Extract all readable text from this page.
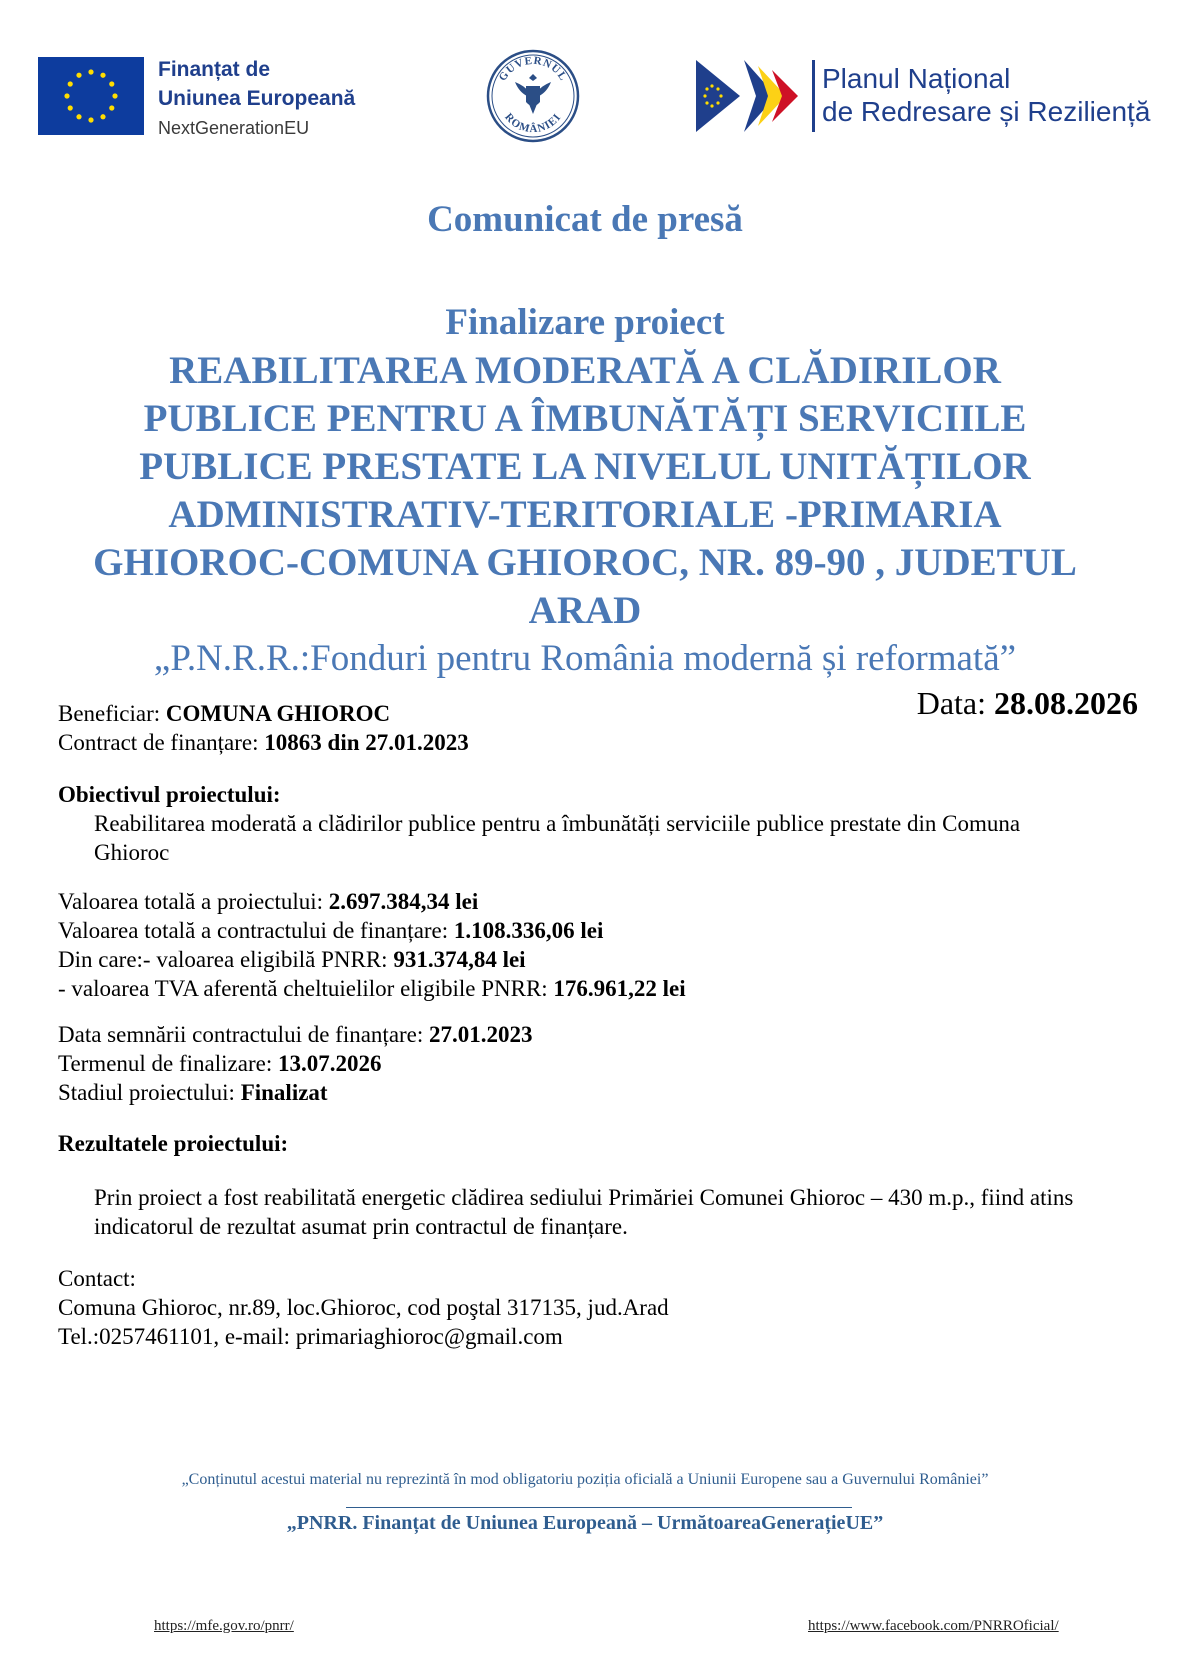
Finanțat de
Uniunea Europeană
NextGenerationEU
GUVERNUL
ROMÂNIEI
Planul Național
de Redresare și Reziliență
Comunicat de presă
Finalizare proiect
REABILITAREA MODERATĂ A CLĂDIRILOR
PUBLICE PENTRU A ÎMBUNĂTĂȚI SERVICIILE
PUBLICE PRESTATE LA NIVELUL UNITĂȚILOR
ADMINISTRATIV-TERITORIALE -PRIMARIA
GHIOROC-COMUNA GHIOROC, NR. 89-90 , JUDETUL
ARAD
„P.N.R.R.:Fonduri pentru România modernă și reformată”
Data: 28.08.2026
Beneficiar: COMUNA GHIOROC
Contract de finanțare: 10863 din 27.01.2023
Obiectivul proiectului:
Reabilitarea moderată a clădirilor publice pentru a îmbunătăți serviciile publice prestate din Comuna Ghioroc
Valoarea totală a proiectului: 2.697.384,34 lei
Valoarea totală a contractului de finanțare: 1.108.336,06 lei
Din care:- valoarea eligibilă PNRR: 931.374,84 lei
- valoarea TVA aferentă cheltuielilor eligibile PNRR: 176.961,22 lei
Data semnării contractului de finanțare: 27.01.2023
Termenul de finalizare: 13.07.2026
Stadiul proiectului: Finalizat
Rezultatele proiectului:
Prin proiect a fost reabilitată energetic clădirea sediului Primăriei Comunei Ghioroc – 430 m.p., fiind atins indicatorul de rezultat asumat prin contractul de finanțare.
Contact:
Comuna Ghioroc, nr.89, loc.Ghioroc, cod poştal 317135, jud.Arad
Tel.:0257461101, e-mail: primariaghioroc@gmail.com
„Conținutul acestui material nu reprezintă în mod obligatoriu poziția oficială a Uniunii Europene sau a Guvernului României”
„PNRR. Finanțat de Uniunea Europeană – UrmătoareaGenerațieUE”
https://mfe.gov.ro/pnrr/	https://www.facebook.com/PNRROficial/
